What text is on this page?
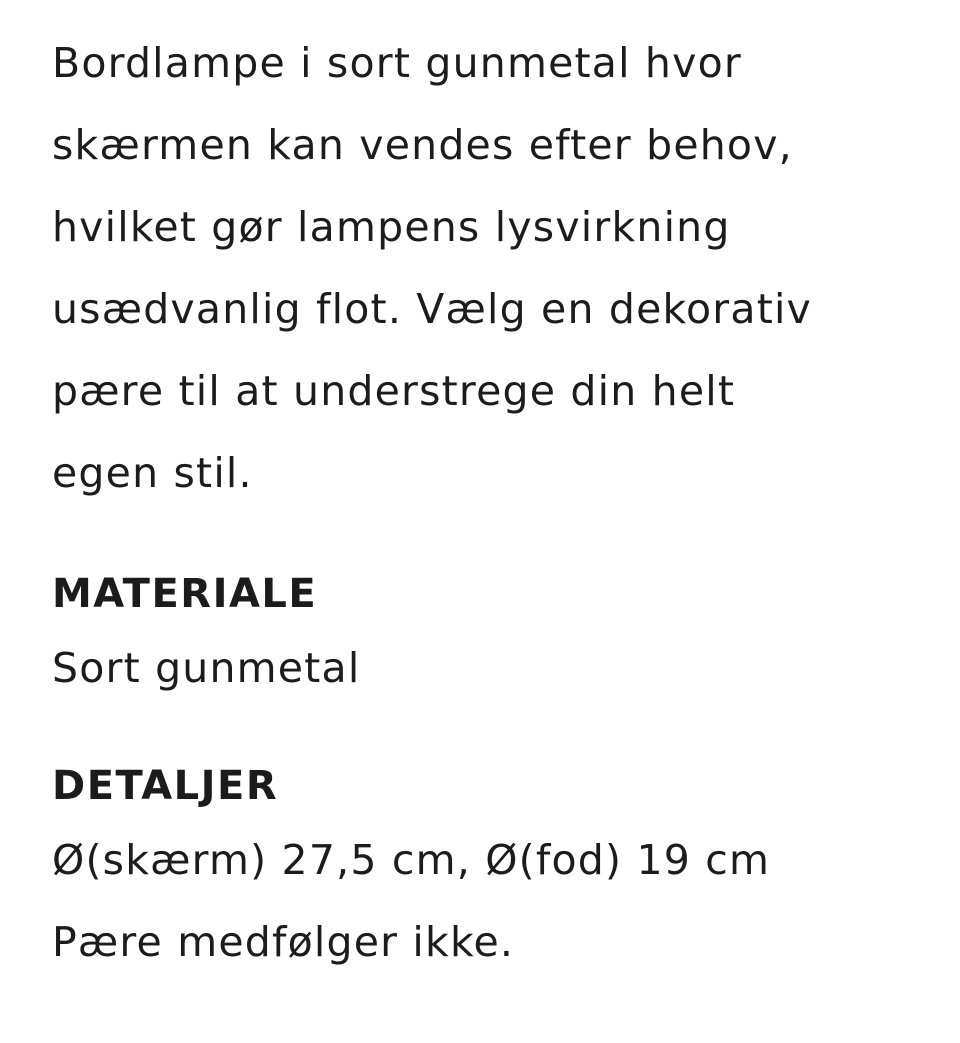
Bordlampe i sort gunmetal hvor
skærmen kan vendes efter behov,
hvilket gør lampens lysvirkning
usædvanlig flot. Vælg en dekorativ
pære til at understrege din helt
egen stil.

MATERIALE

Sort gunmetal

DETALJER

Ø(skærm) 27,5 cm, Ø(fod) 19 cm
Pære medfølger ikke.
